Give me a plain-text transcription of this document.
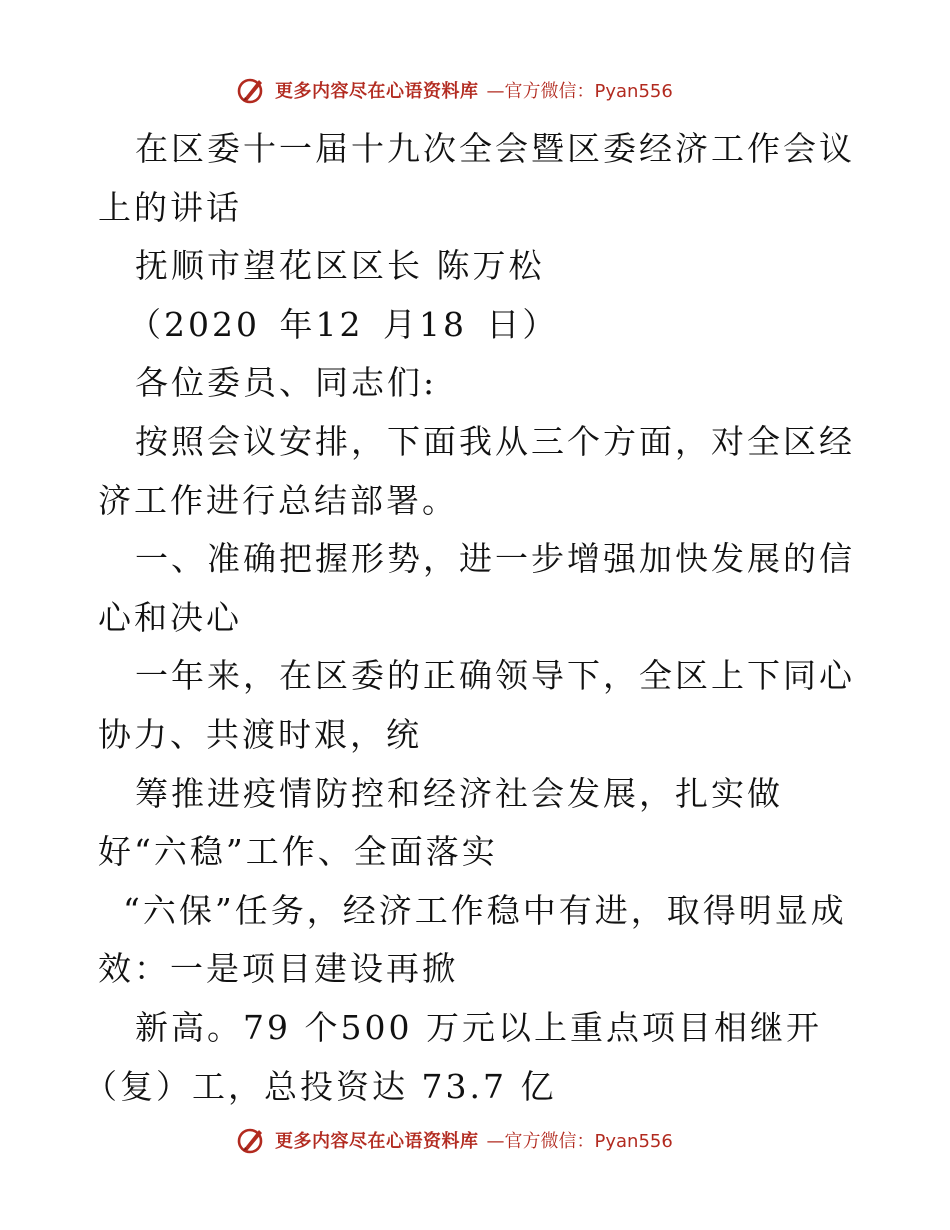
更多内容尽在心语资料库 —官方微信：Pyan556

在区委十一届十九次全会暨区委经济工作会议上的讲话

抚顺市望花区区长 陈万松

（2020 年12 月18 日）

各位委员、同志们:

按照会议安排，下面我从三个方面，对全区经济工作进行总结部署。

一、准确把握形势，进一步增强加快发展的信心和决心

一年来，在区委的正确领导下，全区上下同心协力、共渡时艰，统

筹推进疫情防控和经济社会发展，扎实做好“六稳”工作、全面落实

“六保”任务，经济工作稳中有进，取得明显成效：一是项目建设再掀

新高。79 个500 万元以上重点项目相继开

（复）工，总投资达 73.7 亿

更多内容尽在心语资料库 —官方微信：Pyan556
